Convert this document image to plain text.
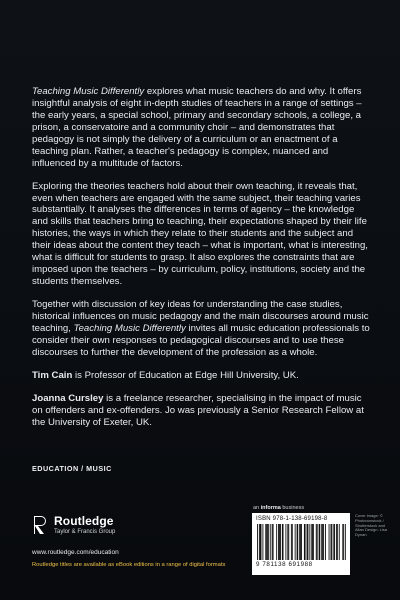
Teaching Music Differently explores what music teachers do and why. It offers insightful analysis of eight in-depth studies of teachers in a range of settings – the early years, a special school, primary and secondary schools, a college, a prison, a conservatoire and a community choir – and demonstrates that pedagogy is not simply the delivery of a curriculum or an enactment of a teaching plan. Rather, a teacher's pedagogy is complex, nuanced and influenced by a multitude of factors.

Exploring the theories teachers hold about their own teaching, it reveals that, even when teachers are engaged with the same subject, their teaching varies substantially. It analyses the differences in terms of agency – the knowledge and skills that teachers bring to teaching, their expectations shaped by their life histories, the ways in which they relate to their students and the subject and their ideas about the content they teach – what is important, what is interesting, what is difficult for students to grasp. It also explores the constraints that are imposed upon the teachers – by curriculum, policy, institutions, society and the students themselves.

Together with discussion of key ideas for understanding the case studies, historical influences on music pedagogy and the main discourses around music teaching, Teaching Music Differently invites all music education professionals to consider their own responses to pedagogical discourses and to use these discourses to further the development of the profession as a whole.

Tim Cain is Professor of Education at Edge Hill University, UK.

Joanna Cursley is a freelance researcher, specialising in the impact of music on offenders and ex-offenders. Jo was previously a Senior Research Fellow at the University of Exeter, UK.

EDUCATION / MUSIC
Routledge
Taylor & Francis Group
www.routledge.com/education
Routledge titles are available as eBook editions in a range of digital formats
an informa business
ISBN 978-1-138-69198-8
9 781138 691988
Cover image: © Photononstock / Shutterstock and Allan Design: Lisa Dynan
